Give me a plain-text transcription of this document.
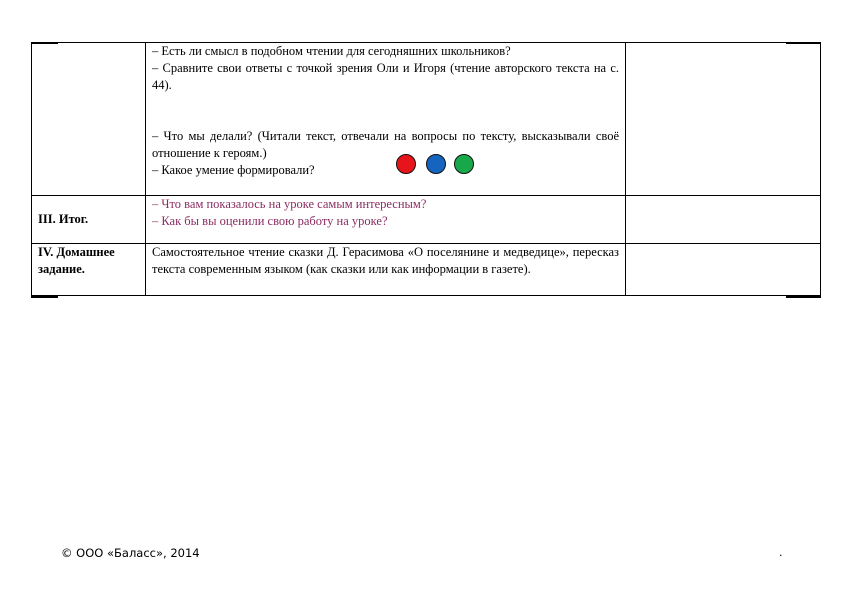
	– Есть ли смысл в подобном чтении для сегодняшних школьников?

– Сравните свои ответы с точкой зрения Оли и Игоря (чтение авторского текста на с. 44).

– Что мы делали? (Читали текст, отвечали на вопросы по тексту, высказывали своё отношение к героям.)

– Какое умение формировали?	

III. Итог.	– Что вам показалось на уроке самым интересным?

– Как бы вы оценили свою работу на уроке?	

IV. Домашнее задание.	Самостоятельное чтение сказки Д. Герасимова «О поселянине и медведице», пересказ текста современным языком (как сказки или как информации в газете).	
© ООО «Баласс», 2014	.
